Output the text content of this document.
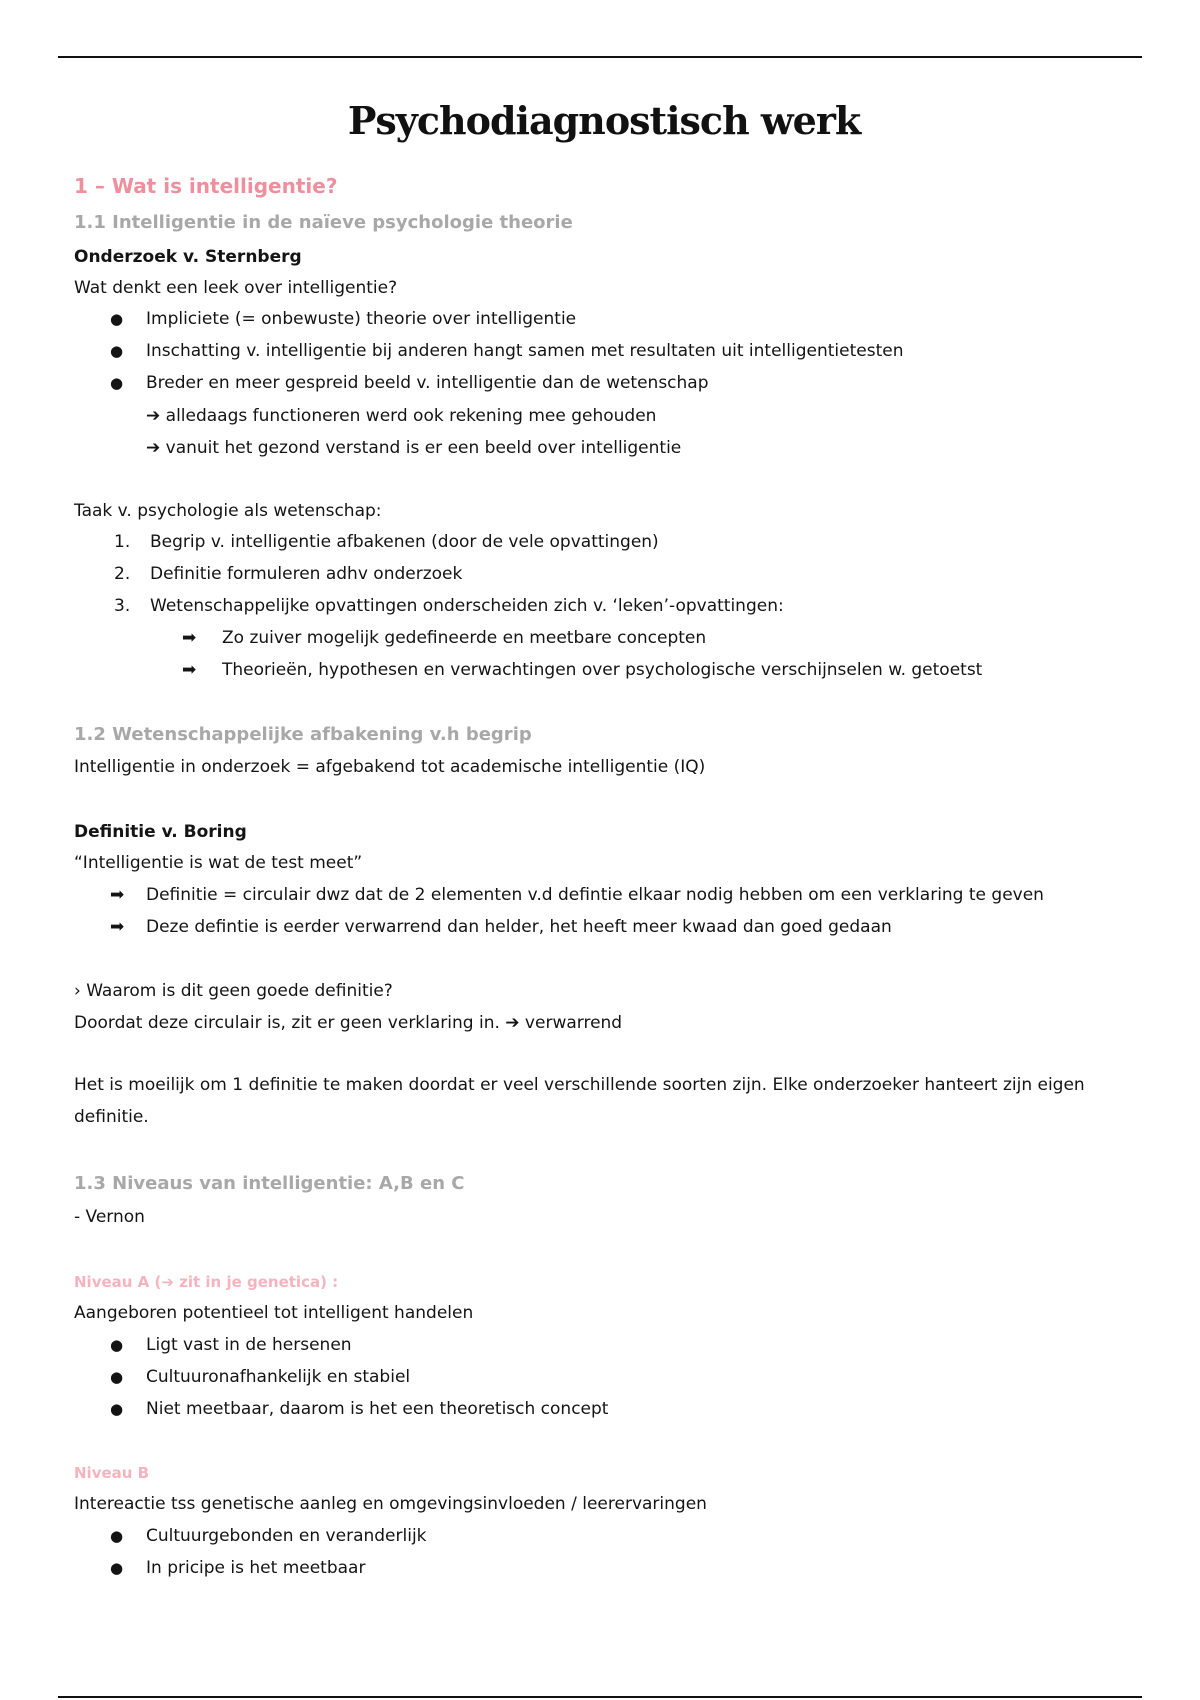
Psychodiagnostisch werk
1 – Wat is intelligentie?
1.1 Intelligentie in de naïeve psychologie theorie
Onderzoek v. Sternberg
Wat denkt een leek over intelligentie?
● Impliciete (= onbewuste) theorie over intelligentie
● Inschatting v. intelligentie bij anderen hangt samen met resultaten uit intelligentietesten
● Breder en meer gespreid beeld v. intelligentie dan de wetenschap
➔ alledaags functioneren werd ook rekening mee gehouden
➔ vanuit het gezond verstand is er een beeld over intelligentie
Taak v. psychologie als wetenschap:
1. Begrip v. intelligentie afbakenen (door de vele opvattingen)
2. Definitie formuleren adhv onderzoek
3. Wetenschappelijke opvattingen onderscheiden zich v. ‘leken’-opvattingen:
➡ Zo zuiver mogelijk gedefineerde en meetbare concepten
➡ Theorieën, hypothesen en verwachtingen over psychologische verschijnselen w. getoetst
1.2 Wetenschappelijke afbakening v.h begrip
Intelligentie in onderzoek = afgebakend tot academische intelligentie (IQ)
Definitie v. Boring
“Intelligentie is wat de test meet”
➡ Definitie = circulair dwz dat de 2 elementen v.d defintie elkaar nodig hebben om een verklaring te geven
➡ Deze defintie is eerder verwarrend dan helder, het heeft meer kwaad dan goed gedaan
› Waarom is dit geen goede definitie?
Doordat deze circulair is, zit er geen verklaring in. ➔ verwarrend
Het is moeilijk om 1 definitie te maken doordat er veel verschillende soorten zijn. Elke onderzoeker hanteert zijn eigen definitie.
1.3 Niveaus van intelligentie: A,B en C
- Vernon
Niveau A (➔ zit in je genetica) :
Aangeboren potentieel tot intelligent handelen
● Ligt vast in de hersenen
● Cultuuronafhankelijk en stabiel
● Niet meetbaar, daarom is het een theoretisch concept
Niveau B
Intereactie tss genetische aanleg en omgevingsinvloeden / leerervaringen
● Cultuurgebonden en veranderlijk
● In pricipe is het meetbaar
